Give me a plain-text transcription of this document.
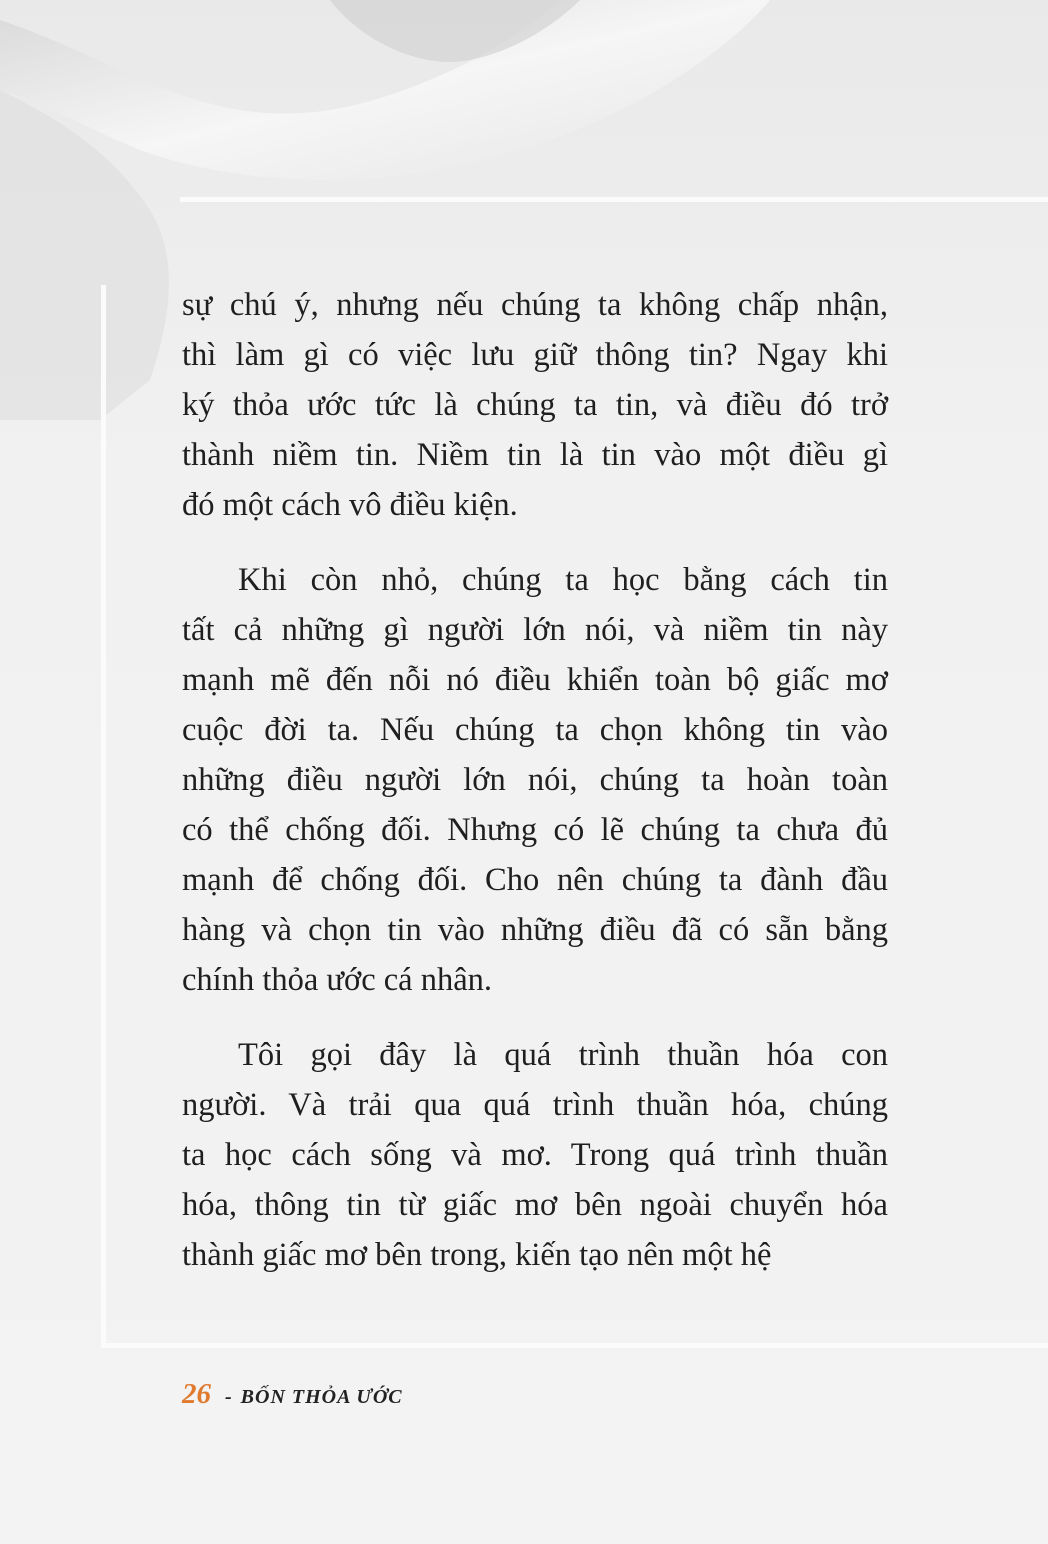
sự chú ý, nhưng nếu chúng ta không chấp nhận,
thì làm gì có việc lưu giữ thông tin? Ngay khi
ký thỏa ước tức là chúng ta tin, và điều đó trở
thành niềm tin. Niềm tin là tin vào một điều gì
đó một cách vô điều kiện.
Khi còn nhỏ, chúng ta học bằng cách tin
tất cả những gì người lớn nói, và niềm tin này
mạnh mẽ đến nỗi nó điều khiển toàn bộ giấc mơ
cuộc đời ta. Nếu chúng ta chọn không tin vào
những điều người lớn nói, chúng ta hoàn toàn
có thể chống đối. Nhưng có lẽ chúng ta chưa đủ
mạnh để chống đối. Cho nên chúng ta đành đầu
hàng và chọn tin vào những điều đã có sẵn bằng
chính thỏa ước cá nhân.
Tôi gọi đây là quá trình thuần hóa con
người. Và trải qua quá trình thuần hóa, chúng
ta học cách sống và mơ. Trong quá trình thuần
hóa, thông tin từ giấc mơ bên ngoài chuyển hóa
thành giấc mơ bên trong, kiến tạo nên một hệ
26 - BỐN THỎA ƯỚC
